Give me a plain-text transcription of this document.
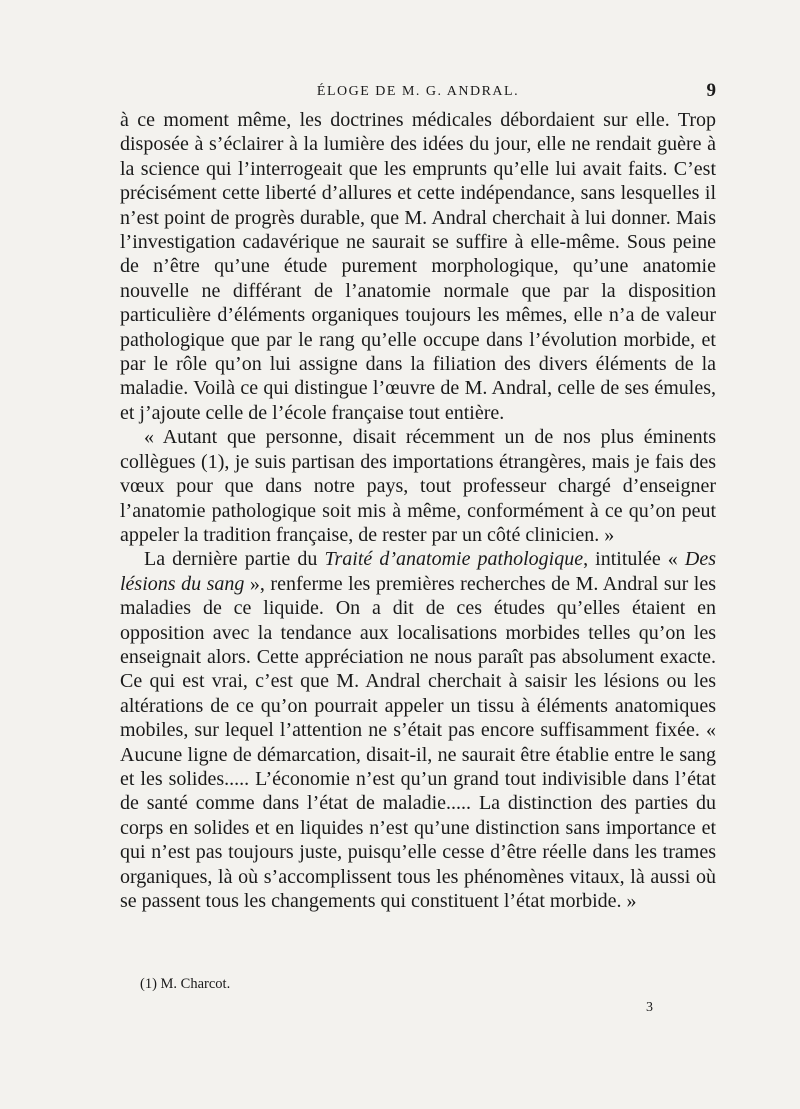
ÉLOGE DE M. G. ANDRAL.	9

à ce moment même, les doctrines médicales débordaient sur elle. Trop disposée à s’éclairer à la lumière des idées du jour, elle ne rendait guère à la science qui l’interrogeait que les emprunts qu’elle lui avait faits. C’est précisément cette liberté d’allures et cette indépendance, sans lesquelles il n’est point de progrès durable, que M. Andral cherchait à lui donner. Mais l’investigation cadavérique ne saurait se suffire à elle-même. Sous peine de n’être qu’une étude purement morphologique, qu’une anatomie nouvelle ne différant de l’anatomie normale que par la disposition particulière d’éléments organiques toujours les mêmes, elle n’a de valeur pathologique que par le rang qu’elle occupe dans l’évolution morbide, et par le rôle qu’on lui assigne dans la filiation des divers éléments de la maladie. Voilà ce qui distingue l’œuvre de M. Andral, celle de ses émules, et j’ajoute celle de l’école française tout entière.

« Autant que personne, disait récemment un de nos plus éminents collègues (1), je suis partisan des importations étrangères, mais je fais des vœux pour que dans notre pays, tout professeur chargé d’enseigner l’anatomie pathologique soit mis à même, conformément à ce qu’on peut appeler la tradition française, de rester par un côté clinicien. »

La dernière partie du Traité d’anatomie pathologique, intitulée « Des lésions du sang », renferme les premières recherches de M. Andral sur les maladies de ce liquide. On a dit de ces études qu’elles étaient en opposition avec la tendance aux localisations morbides telles qu’on les enseignait alors. Cette appréciation ne nous paraît pas absolument exacte. Ce qui est vrai, c’est que M. Andral cherchait à saisir les lésions ou les altérations de ce qu’on pourrait appeler un tissu à éléments anatomiques mobiles, sur lequel l’attention ne s’était pas encore suffisamment fixée. « Aucune ligne de démarcation, disait-il, ne saurait être établie entre le sang et les solides..... L’économie n’est qu’un grand tout indivisible dans l’état de santé comme dans l’état de maladie..... La distinction des parties du corps en solides et en liquides n’est qu’une distinction sans importance et qui n’est pas toujours juste, puisqu’elle cesse d’être réelle dans les trames organiques, là où s’accomplissent tous les phénomènes vitaux, là aussi où se passent tous les changements qui constituent l’état morbide. »

(1) M. Charcot.
3
